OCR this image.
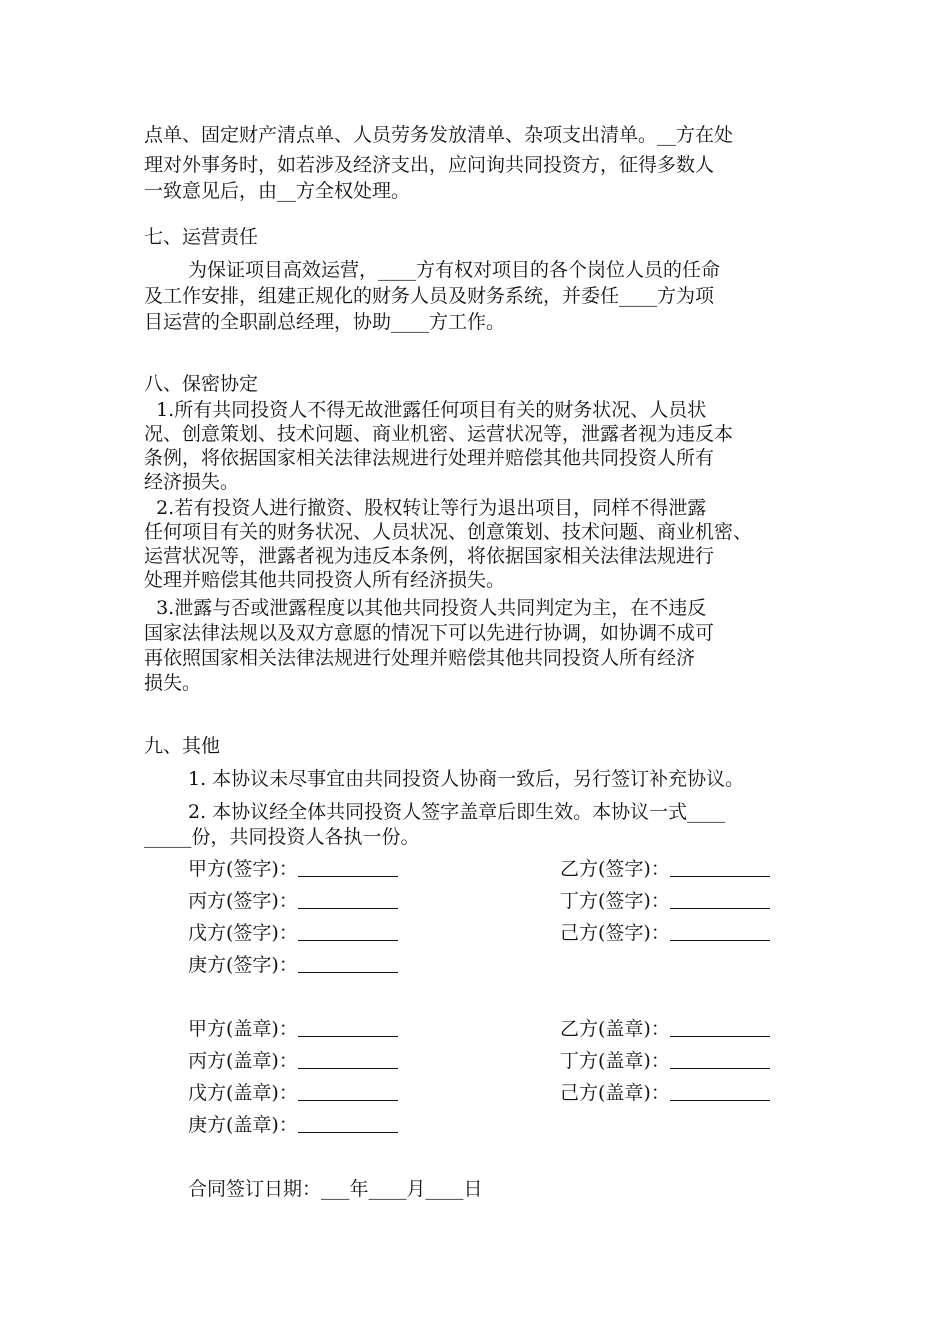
点单、固定财产清点单、人员劳务发放清单、杂项支出清单。__方在处
理对外事务时，如若涉及经济支出，应问询共同投资方，征得多数人
一致意见后，由__方全权处理。
七、运营责任
为保证项目高效运营，____方有权对项目的各个岗位人员的任命
及工作安排，组建正规化的财务人员及财务系统，并委任____方为项
目运营的全职副总经理，协助____方工作。
八、保密协定
1.所有共同投资人不得无故泄露任何项目有关的财务状况、人员状
况、创意策划、技术问题、商业机密、运营状况等，泄露者视为违反本
条例，将依据国家相关法律法规进行处理并赔偿其他共同投资人所有
经济损失。
2.若有投资人进行撤资、股权转让等行为退出项目，同样不得泄露
任何项目有关的财务状况、人员状况、创意策划、技术问题、商业机密、
运营状况等，泄露者视为违反本条例，将依据国家相关法律法规进行
处理并赔偿其他共同投资人所有经济损失。
3.泄露与否或泄露程度以其他共同投资人共同判定为主，在不违反
国家法律法规以及双方意愿的情况下可以先进行协调，如协调不成可
再依照国家相关法律法规进行处理并赔偿其他共同投资人所有经济
损失。
九、其他
1. 本协议未尽事宜由共同投资人协商一致后，另行签订补充协议。
2. 本协议经全体共同投资人签字盖章后即生效。本协议一式____
_____份，共同投资人各执一份。
甲方(签字)：	乙方(签字)：
丙方(签字)：	丁方(签字)：
戊方(签字)：	己方(签字)：
庚方(签字)：
甲方(盖章)：	乙方(盖章)：
丙方(盖章)：	丁方(盖章)：
戊方(盖章)：	己方(盖章)：
庚方(盖章)：
合同签订日期：___年____月____日
